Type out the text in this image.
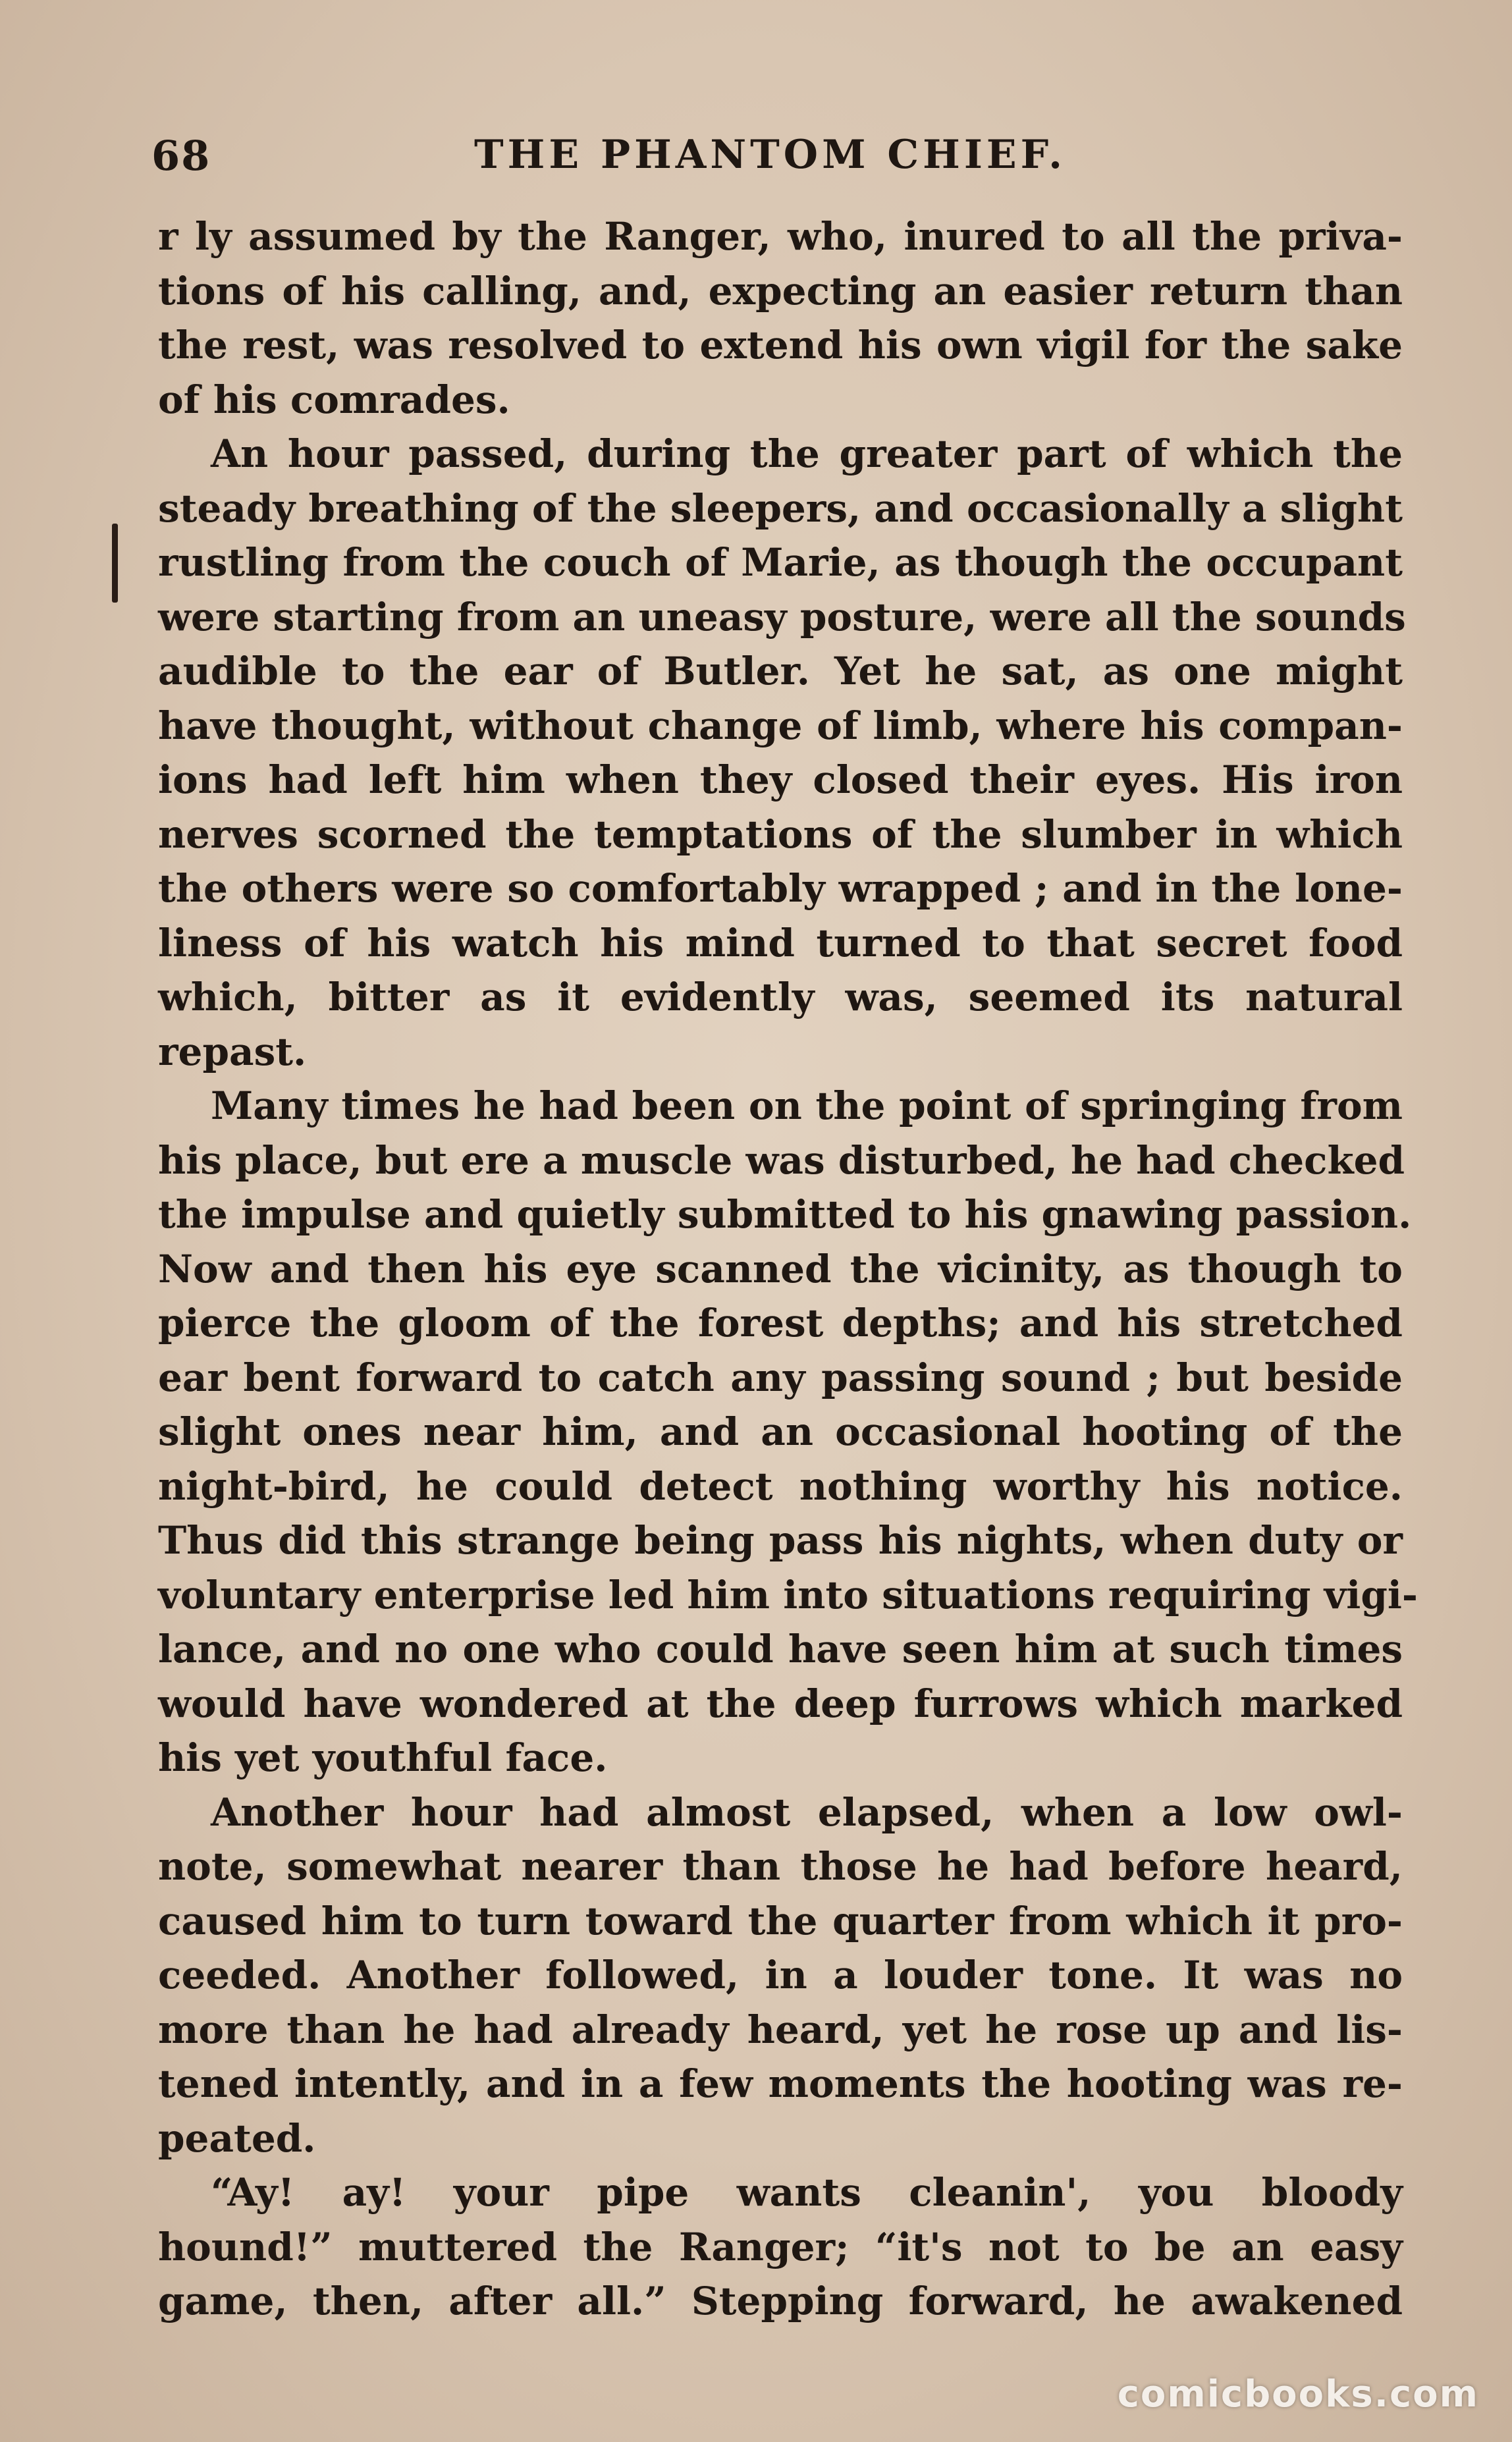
68	THE PHANTOM CHIEF.
r ly assumed by the Ranger, who, inured to all the priva-
tions of his calling, and, expecting an easier return than
the rest, was resolved to extend his own vigil for the sake
of his comrades.
An hour passed, during the greater part of which the
steady breathing of the sleepers, and occasionally a slight
rustling from the couch of Marie, as though the occupant
were starting from an uneasy posture, were all the sounds
audible to the ear of Butler. Yet he sat, as one might
have thought, without change of limb, where his compan-
ions had left him when they closed their eyes. His iron
nerves scorned the temptations of the slumber in which
the others were so comfortably wrapped ; and in the lone-
liness of his watch his mind turned to that secret food
which, bitter as it evidently was, seemed its natural
repast.
Many times he had been on the point of springing from
his place, but ere a muscle was disturbed, he had checked
the impulse and quietly submitted to his gnawing passion.
Now and then his eye scanned the vicinity, as though to
pierce the gloom of the forest depths; and his stretched
ear bent forward to catch any passing sound ; but beside
slight ones near him, and an occasional hooting of the
night-bird, he could detect nothing worthy his notice.
Thus did this strange being pass his nights, when duty or
voluntary enterprise led him into situations requiring vigi-
lance, and no one who could have seen him at such times
would have wondered at the deep furrows which marked
his yet youthful face.
Another hour had almost elapsed, when a low owl-
note, somewhat nearer than those he had before heard,
caused him to turn toward the quarter from which it pro-
ceeded. Another followed, in a louder tone. It was no
more than he had already heard, yet he rose up and lis-
tened intently, and in a few moments the hooting was re-
peated.
“Ay! ay! your pipe wants cleanin', you bloody
hound!” muttered the Ranger; “it's not to be an easy
game, then, after all.” Stepping forward, he awakened
comicbooks.com
